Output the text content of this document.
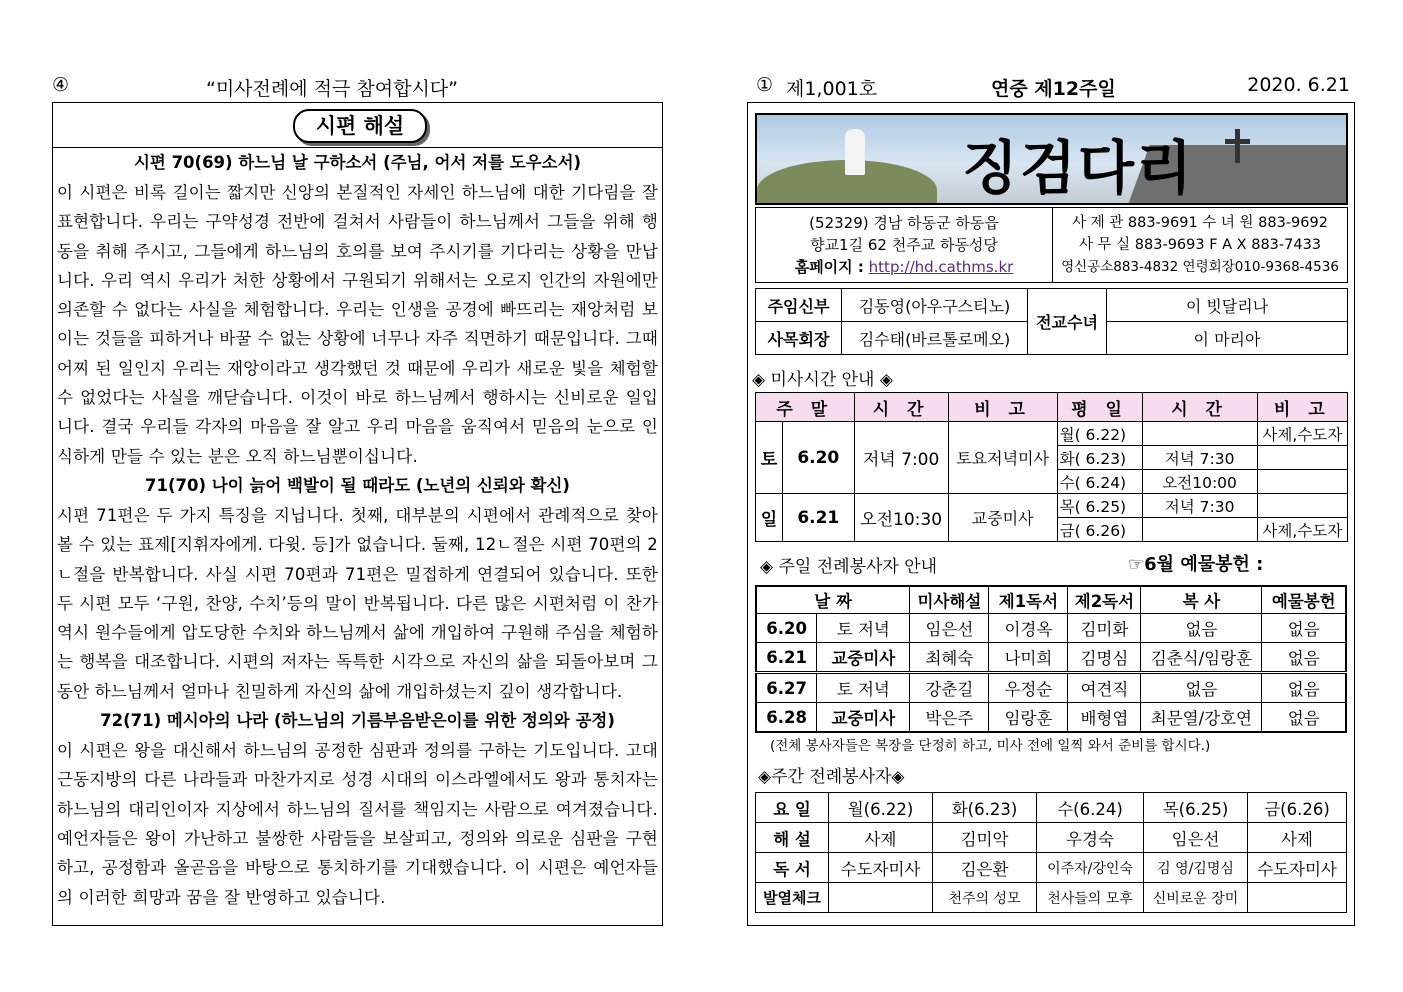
④	“미사전례에 적극 참여합시다”
시편 해설
시편 70(69) 하느님 날 구하소서 (주님, 어서 저를 도우소서)

이 시편은 비록 길이는 짧지만 신앙의 본질적인 자세인 하느님에 대한 기다림을 잘 표현합니다. 우리는 구약성경 전반에 걸쳐서 사람들이 하느님께서 그들을 위해 행동을 취해 주시고, 그들에게 하느님의 호의를 보여 주시기를 기다리는 상황을 만납니다. 우리 역시 우리가 처한 상황에서 구원되기 위해서는 오로지 인간의 자원에만 의존할 수 없다는 사실을 체험합니다. 우리는 인생을 공경에 빠뜨리는 재앙처럼 보이는 것들을 피하거나 바꿀 수 없는 상황에 너무나 자주 직면하기 때문입니다. 그때 어찌 된 일인지 우리는 재앙이라고 생각했던 것 때문에 우리가 새로운 빛을 체험할 수 없었다는 사실을 깨닫습니다. 이것이 바로 하느님께서 행하시는 신비로운 일입니다. 결국 우리들 각자의 마음을 잘 알고 우리 마음을 움직여서 믿음의 눈으로 인식하게 만들 수 있는 분은 오직 하느님뿐이십니다.

71(70) 나이 늙어 백발이 될 때라도 (노년의 신뢰와 확신)

시편 71편은 두 가지 특징을 지닙니다. 첫째, 대부분의 시편에서 관례적으로 찾아 볼 수 있는 표제[지휘자에게. 다윗. 등]가 없습니다. 둘째, 12ㄴ절은 시편 70편의 2ㄴ절을 반복합니다. 사실 시편 70편과 71편은 밀접하게 연결되어 있습니다. 또한 두 시편 모두 ‘구원, 찬양, 수치’등의 말이 반복됩니다. 다른 많은 시편처럼 이 찬가 역시 원수들에게 압도당한 수치와 하느님께서 삶에 개입하여 구원해 주심을 체험하는 행복을 대조합니다. 시편의 저자는 독특한 시각으로 자신의 삶을 되돌아보며 그 동안 하느님께서 얼마나 친밀하게 자신의 삶에 개입하셨는지 깊이 생각합니다.

72(71) 메시아의 나라 (하느님의 기름부음받은이를 위한 정의와 공정)

이 시편은 왕을 대신해서 하느님의 공정한 심판과 정의를 구하는 기도입니다. 고대 근동지방의 다른 나라들과 마찬가지로 성경 시대의 이스라엘에서도 왕과 통치자는 하느님의 대리인이자 지상에서 하느님의 질서를 책임지는 사람으로 여겨졌습니다. 예언자들은 왕이 가난하고 불쌍한 사람들을 보살피고, 정의와 의로운 심판을 구현하고, 공정함과 올곧음을 바탕으로 통치하기를 기대했습니다. 이 시편은 예언자들의 이러한 희망과 꿈을 잘 반영하고 있습니다.

① 제1,001호	연중 제12주일	2020. 6.21
징검다리
(52329) 경남 하동군 하동읍
향교1길 62 천주교 하동성당
홈페이지 : http://hd.cathms.kr

사 제 관 883-9691 수 녀 원 883-9692
사 무 실 883-9693 F A X 883-7433
영신공소883-4832 연령회장010-9368-4536
주임신부	김동영(아우구스티노)	전교수녀	이 빗달리나
사목회장	김수태(바르톨로메오)		이 마리아
◈ 미사시간 안내 ◈
주 말		시 간	비 고	평 일	시 간	비 고
토	6.20	저녁 7:00	토요저녁미사	월( 6.22)		사제,수도자
				화( 6.23)	저녁 7:30	
				수( 6.24)	오전10:00	
일	6.21	오전10:30	교중미사	목( 6.25)	저녁 7:30	
				금( 6.26)		사제,수도자
◈ 주일 전례봉사자 안내	☞6월 예물봉헌 :
날 짜		미사해설	제1독서	제2독서	복 사	예물봉헌
6.20	토 저녁	임은선	이경옥	김미화	없음	없음
6.21	교중미사	최혜숙	나미희	김명심	김춘식/임랑훈	없음
6.27	토 저녁	강춘길	우정순	여견직	없음	없음
6.28	교중미사	박은주	임랑훈	배형엽	최문열/강호연	없음
(전체 봉사자들은 복장을 단정히 하고, 미사 전에 일찍 와서 준비를 합시다.)
◈주간 전례봉사자◈
요 일	월(6.22)	화(6.23)	수(6.24)	목(6.25)	금(6.26)
해 설	사제	김미악	우경숙	임은선	사제
독 서	수도자미사	김은환	이주자/강인숙	김 영/김명심	수도자미사
발열체크		천주의 성모	천사들의 모후	신비로운 장미	
